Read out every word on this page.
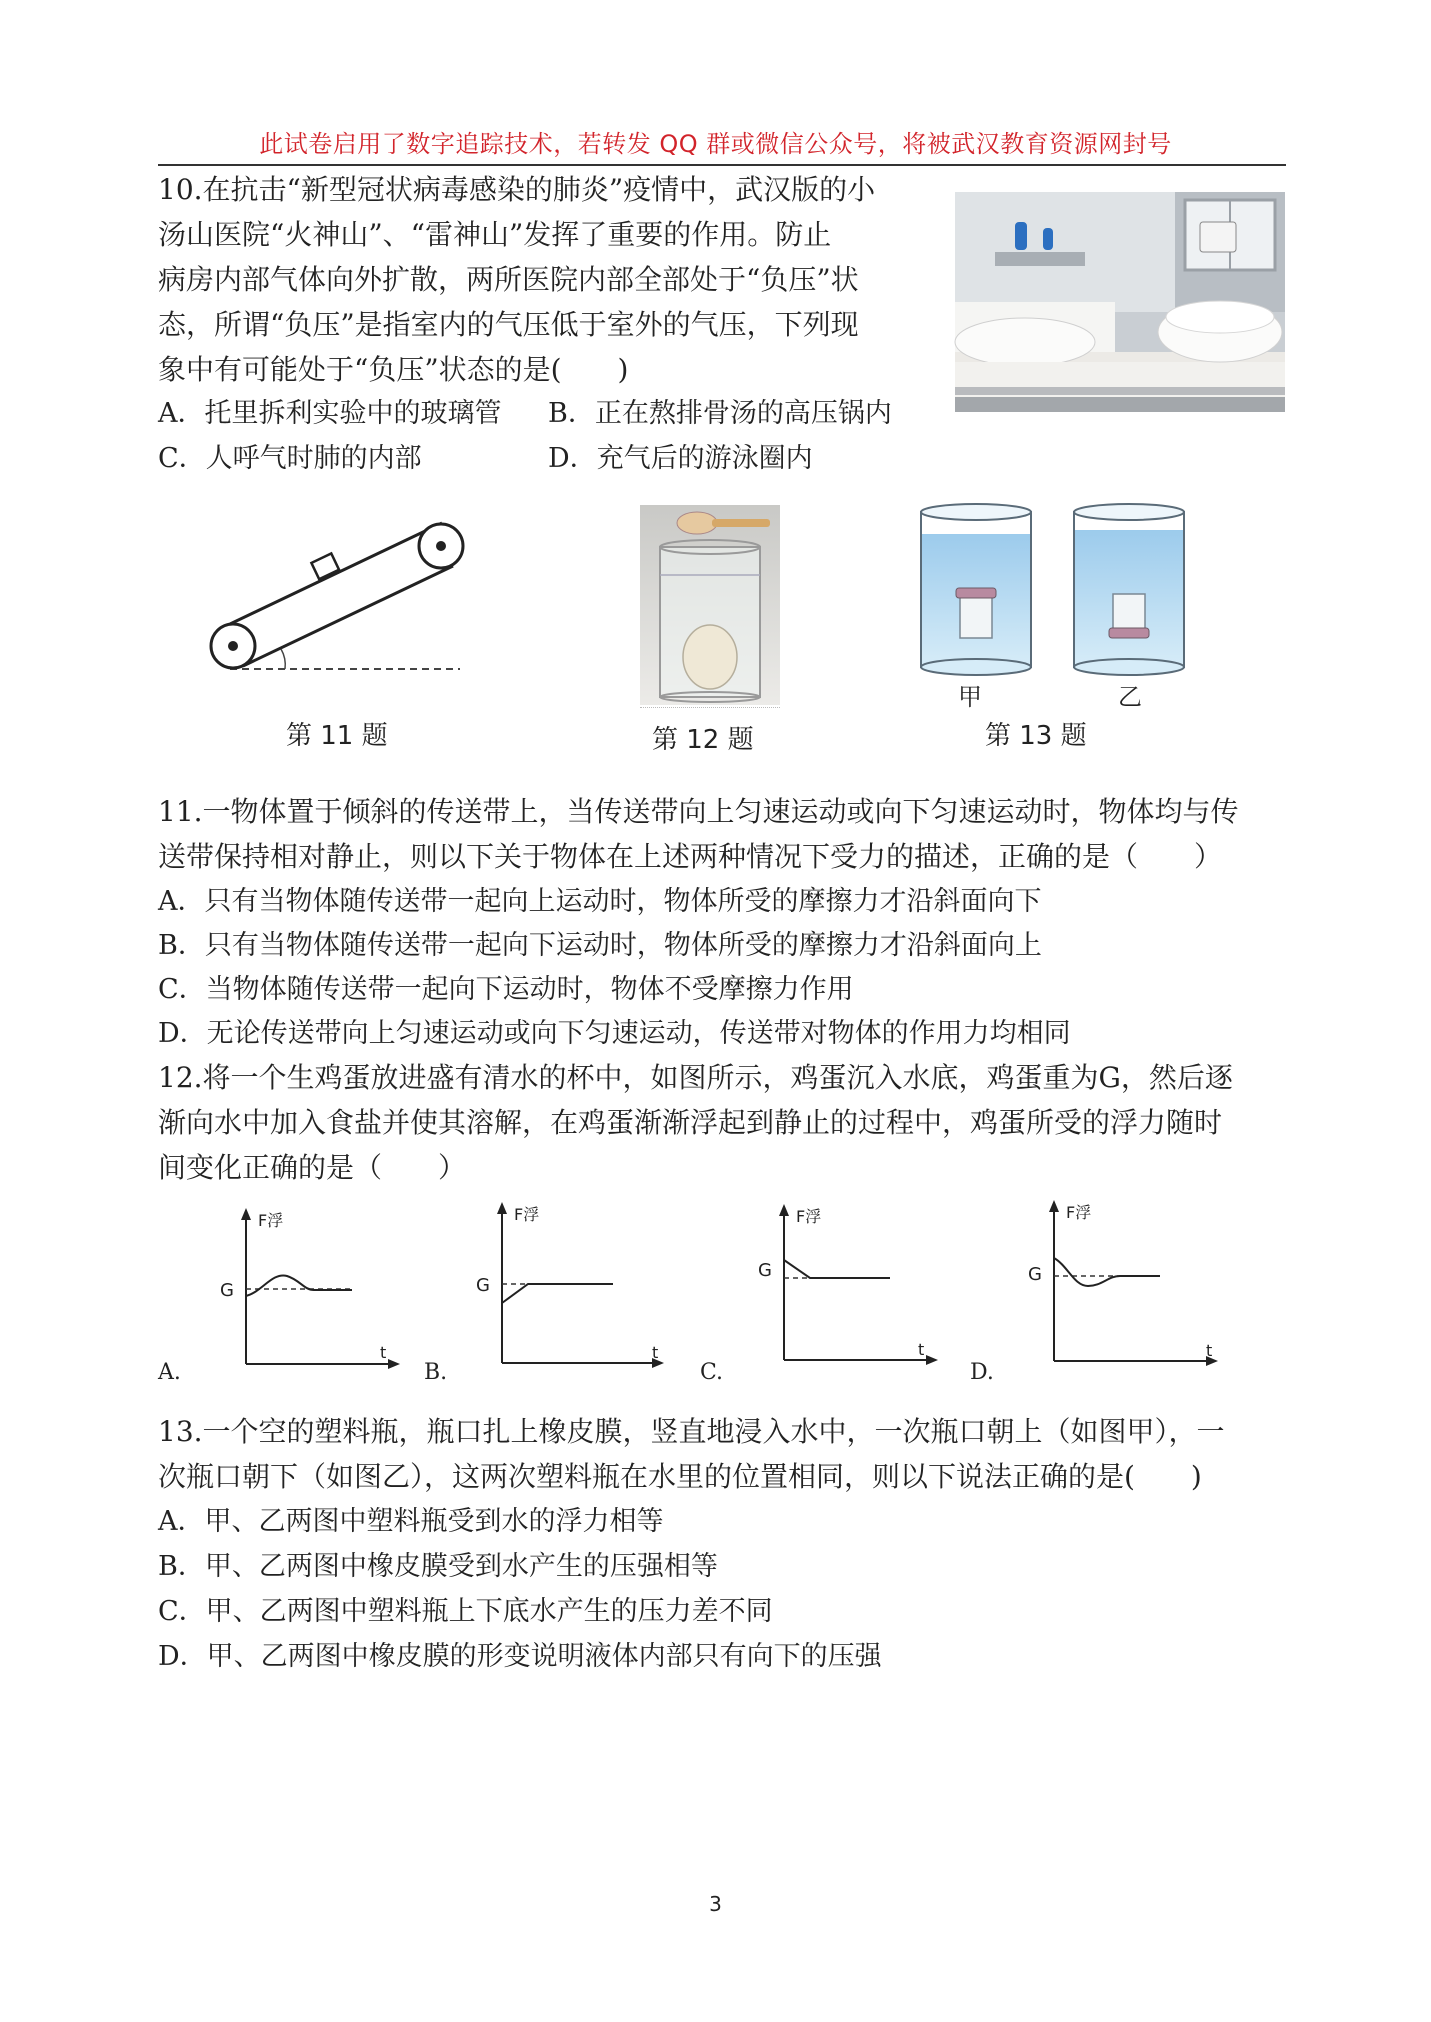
此试卷启用了数字追踪技术，若转发 QQ 群或微信公众号，将被武汉教育资源网封号
10.在抗击“新型冠状病毒感染的肺炎”疫情中，武汉版的小
汤山医院“火神山”、“雷神山”发挥了重要的作用。防止
病房内部气体向外扩散，两所医院内部全部处于“负压”状
态，所谓“负压”是指室内的气压低于室外的气压，下列现
象中有可能处于“负压”状态的是(　　)
A．托里拆利实验中的玻璃管 B．正在熬排骨汤的高压锅内
C．人呼气时肺的内部	D．充气后的游泳圈内
第 11 题	第 12 题
甲	乙
第 13 题
11.一物体置于倾斜的传送带上，当传送带向上匀速运动或向下匀速运动时，物体均与传
送带保持相对静止，则以下关于物体在上述两种情况下受力的描述，正确的是（　　）
A．只有当物体随传送带一起向上运动时，物体所受的摩擦力才沿斜面向下
B．只有当物体随传送带一起向下运动时，物体所受的摩擦力才沿斜面向上
C．当物体随传送带一起向下运动时，物体不受摩擦力作用
D．无论传送带向上匀速运动或向下匀速运动，传送带对物体的作用力均相同
12.将一个生鸡蛋放进盛有清水的杯中，如图所示，鸡蛋沉入水底，鸡蛋重为G，然后逐
渐向水中加入食盐并使其溶解，在鸡蛋渐渐浮起到静止的过程中，鸡蛋所受的浮力随时
间变化正确的是（　　）
F浮
G
t
A.
F浮
G
t
B.
F浮
G
t
C.
F浮
G
t
D.
13.一个空的塑料瓶，瓶口扎上橡皮膜，竖直地浸入水中，一次瓶口朝上（如图甲），一
次瓶口朝下（如图乙），这两次塑料瓶在水里的位置相同，则以下说法正确的是(　　)
A．甲、乙两图中塑料瓶受到水的浮力相等
B．甲、乙两图中橡皮膜受到水产生的压强相等
C．甲、乙两图中塑料瓶上下底水产生的压力差不同
D．甲、乙两图中橡皮膜的形变说明液体内部只有向下的压强
3
